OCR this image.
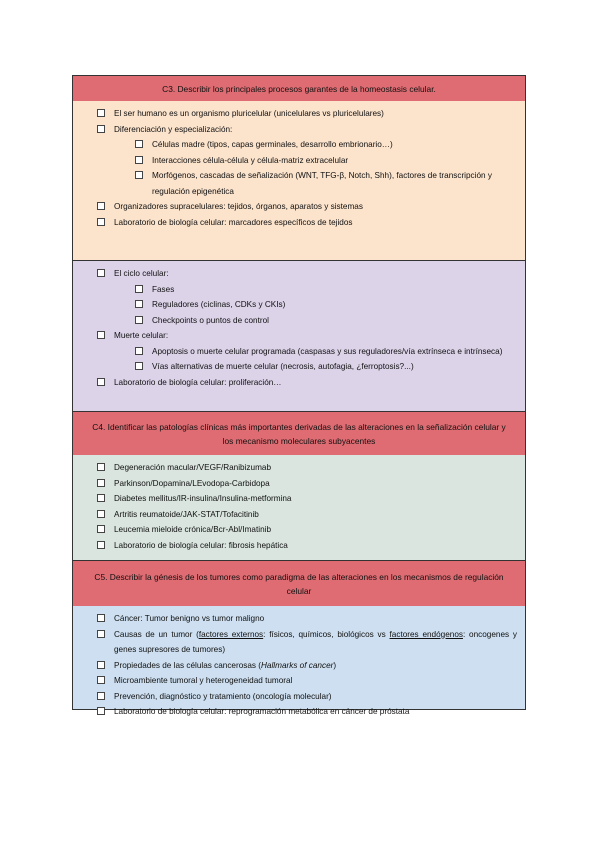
C3. Describir los principales procesos garantes de la homeostasis celular.
El ser humano es un organismo pluricelular (unicelulares vs pluricelulares)
Diferenciación y especialización:
Células madre (tipos, capas germinales, desarrollo embrionario…)
Interacciones célula-célula y célula-matriz extracelular
Morfógenos, cascadas de señalización (WNT, TFG-β, Notch, Shh), factores de transcripción y regulación epigenética
Organizadores supracelulares: tejidos, órganos, aparatos y sistemas
Laboratorio de biología celular: marcadores específicos de tejidos
El ciclo celular:
Fases
Reguladores (ciclinas, CDKs y CKIs)
Checkpoints o puntos de control
Muerte celular:
Apoptosis o muerte celular programada (caspasas y sus reguladores/vía extrínseca e intrínseca)
Vías alternativas de muerte celular (necrosis, autofagia, ¿ferroptosis?...)
Laboratorio de biología celular: proliferación…
C4. Identificar las patologías clínicas más importantes derivadas de las alteraciones en la señalización celular y los mecanismo moleculares subyacentes
Degeneración macular/VEGF/Ranibizumab
Parkinson/Dopamina/LEvodopa-Carbidopa
Diabetes mellitus/IR-insulina/Insulina-metformina
Artritis reumatoide/JAK-STAT/Tofacitinib
Leucemia mieloide crónica/Bcr-Abl/Imatinib
Laboratorio de biología celular: fibrosis hepática
C5. Describir la génesis de los tumores como paradigma de las alteraciones en los mecanismos de regulación celular
Cáncer: Tumor benigno vs tumor maligno
Causas de un tumor (factores externos: físicos, químicos, biológicos vs factores endógenos: oncogenes y genes supresores de tumores)
Propiedades de las células cancerosas (Hallmarks of cancer)
Microambiente tumoral y heterogeneidad tumoral
Prevención, diagnóstico y tratamiento (oncología molecular)
Laboratorio de biología celular: reprogramación metabólica en cáncer de próstata
